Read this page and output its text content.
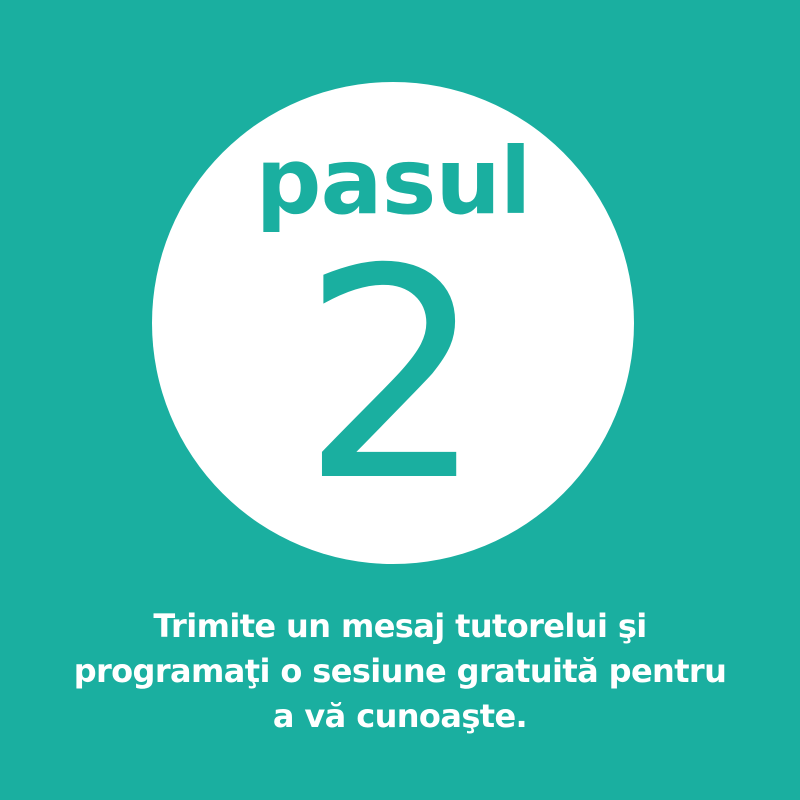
pasul
2
Trimite un mesaj tutorelui şi
programaţi o sesiune gratuită pentru
a vă cunoaşte.
